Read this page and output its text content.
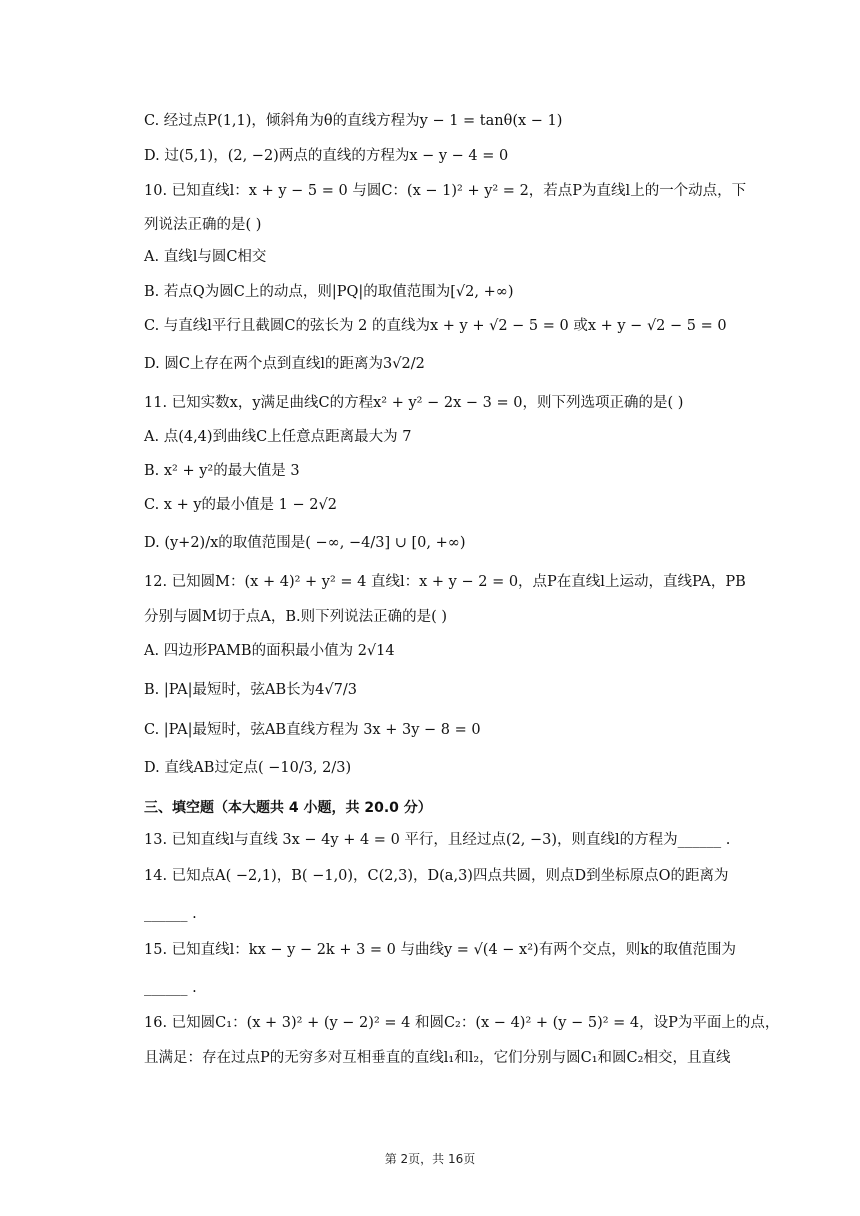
C. 经过点P(1,1)，倾斜角为θ的直线方程为y − 1 = tanθ(x − 1)
D. 过(5,1)，(2, −2)两点的直线的方程为x − y − 4 = 0
10. 已知直线l：x + y − 5 = 0 与圆C：(x − 1)² + y² = 2，若点P为直线l上的一个动点，下
列说法正确的是( )
A. 直线l与圆C相交
B. 若点Q为圆C上的动点，则|PQ|的取值范围为[√2, +∞)
C. 与直线l平行且截圆C的弦长为 2 的直线为x + y + √2 − 5 = 0 或x + y − √2 − 5 = 0
D. 圆C上存在两个点到直线l的距离为3√2/2
11. 已知实数x，y满足曲线C的方程x² + y² − 2x − 3 = 0，则下列选项正确的是( )
A. 点(4,4)到曲线C上任意点距离最大为 7
B. x² + y²的最大值是 3
C. x + y的最小值是 1 − 2√2
D. (y+2)/x的取值范围是( −∞, −4/3] ∪ [0, +∞)
12. 已知圆M：(x + 4)² + y² = 4 直线l：x + y − 2 = 0，点P在直线l上运动，直线PA，PB
分别与圆M切于点A，B.则下列说法正确的是( )
A. 四边形PAMB的面积最小值为 2√14
B. |PA|最短时，弦AB长为4√7/3
C. |PA|最短时，弦AB直线方程为 3x + 3y − 8 = 0
D. 直线AB过定点( −10/3, 2/3)
三、填空题（本大题共 4 小题，共 20.0 分）
13. 已知直线l与直线 3x − 4y + 4 = 0 平行，且经过点(2, −3)，则直线l的方程为______ .
14. 已知点A( −2,1)，B( −1,0)，C(2,3)，D(a,3)四点共圆，则点D到坐标原点O的距离为
______ .
15. 已知直线l：kx − y − 2k + 3 = 0 与曲线y = √(4 − x²)有两个交点，则k的取值范围为
______ .
16. 已知圆C₁：(x + 3)² + (y − 2)² = 4 和圆C₂：(x − 4)² + (y − 5)² = 4，设P为平面上的点，
且满足：存在过点P的无穷多对互相垂直的直线l₁和l₂，它们分别与圆C₁和圆C₂相交，且直线
第 2页，共 16页
